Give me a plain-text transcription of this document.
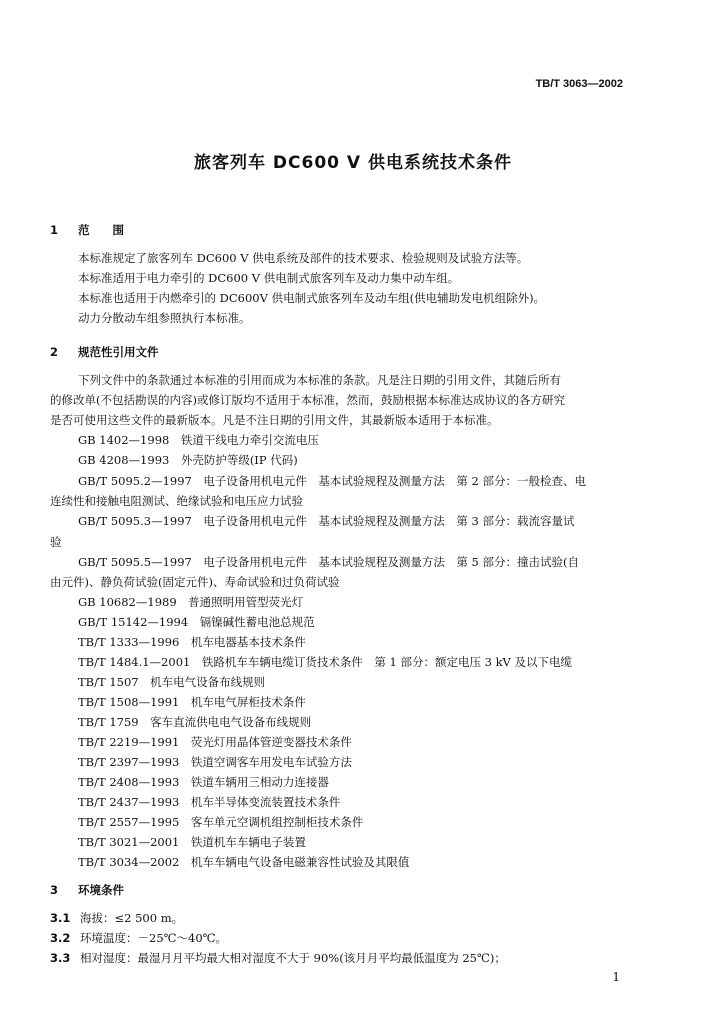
TB/T 3063—2002
旅客列车 DC600 V 供电系统技术条件
1 范　　围
本标准规定了旅客列车 DC600 V 供电系统及部件的技术要求、检验规则及试验方法等。
本标准适用于电力牵引的 DC600 V 供电制式旅客列车及动力集中动车组。
本标准也适用于内燃牵引的 DC600V 供电制式旅客列车及动车组(供电辅助发电机组除外)。
动力分散动车组参照执行本标准。
2 规范性引用文件
下列文件中的条款通过本标准的引用而成为本标准的条款。凡是注日期的引用文件，其随后所有
的修改单(不包括勘误的内容)或修订版均不适用于本标准，然而，鼓励根据本标准达成协议的各方研究
是否可使用这些文件的最新版本。凡是不注日期的引用文件，其最新版本适用于本标准。
GB 1402—1998　铁道干线电力牵引交流电压
GB 4208—1993　外壳防护等级(IP 代码)
GB/T 5095.2—1997　电子设备用机电元件　基本试验规程及测量方法　第 2 部分：一般检查、电
连续性和接触电阻测试、绝缘试验和电压应力试验
GB/T 5095.3—1997　电子设备用机电元件　基本试验规程及测量方法　第 3 部分：载流容量试
验
GB/T 5095.5—1997　电子设备用机电元件　基本试验规程及测量方法　第 5 部分：撞击试验(自
由元件)、静负荷试验(固定元件)、寿命试验和过负荷试验
GB 10682—1989　普通照明用管型荧光灯
GB/T 15142—1994　镉镍碱性蓄电池总规范
TB/T 1333—1996　机车电器基本技术条件
TB/T 1484.1—2001　铁路机车车辆电缆订货技术条件　第 1 部分：额定电压 3 kV 及以下电缆
TB/T 1507　机车电气设备布线规则
TB/T 1508—1991　机车电气屏柜技术条件
TB/T 1759　客车直流供电电气设备布线规则
TB/T 2219—1991　荧光灯用晶体管逆变器技术条件
TB/T 2397—1993　铁道空调客车用发电车试验方法
TB/T 2408—1993　铁道车辆用三相动力连接器
TB/T 2437—1993　机车半导体变流装置技术条件
TB/T 2557—1995　客车单元空调机组控制柜技术条件
TB/T 3021—2001　铁道机车车辆电子装置
TB/T 3034—2002　机车车辆电气设备电磁兼容性试验及其限值
3 环境条件
3.1 海拔：≤2 500 m。
3.2 环境温度：－25℃～40℃。
3.3 相对湿度：最湿月月平均最大相对湿度不大于 90%(该月月平均最低温度为 25℃)；
1
